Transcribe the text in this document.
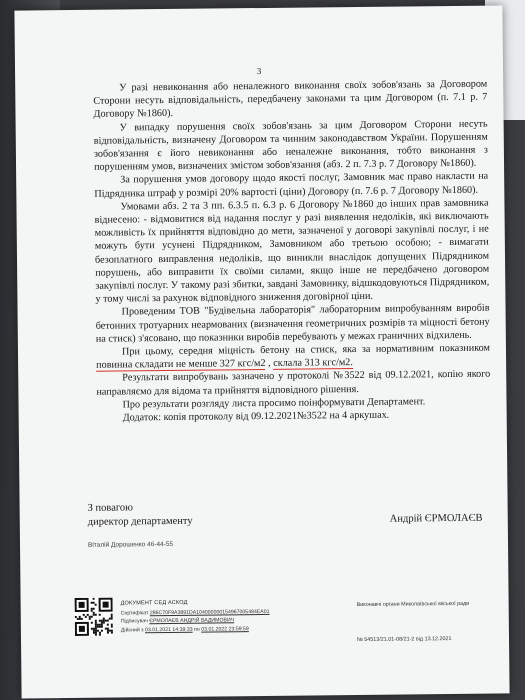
3

У разі невиконання або неналежного виконання своїх зобов'язань за Договором Сторони несуть відповідальність, передбачену законами та цим Договором (п. 7.1 р. 7 Договору №1860).

У випадку порушення своїх зобов'язань за цим Договором Сторони несуть відповідальність, визначену Договором та чинним законодавством України. Порушенням зобов'язання є його невиконання або неналежне виконання, тобто виконання з порушенням умов, визначених змістом зобов'язання (абз. 2 п. 7.3 р. 7 Договору №1860).

За порушення умов договору щодо якості послуг, Замовник має право накласти на Підрядника штраф у розмірі 20% вартості (ціни) Договору (п. 7.6 р. 7 Договору №1860).

Умовами абз. 2 та 3 пп. 6.3.5 п. 6.3 р. 6 Договору №1860 до інших прав замовника віднесено: - відмовитися від надання послуг у разі виявлення недоліків, які виключають можливість їх прийняття відповідно до мети, зазначеної у договорі закупівлі послуг, і не можуть бути усунені Підрядником, Замовником або третьою особою; - вимагати безоплатного виправлення недоліків, що виникли внаслідок допущених Підрядником порушень, або виправити їх своїми силами, якщо інше не передбачено договором закупівлі послуг. У такому разі збитки, завдані Замовнику, відшкодовуються Підрядником, у тому числі за рахунок відповідного зниження договірної ціни.

Проведеним ТОВ "Будівельна лабораторія" лабораторним випробуванням виробів бетонних тротуарних неармованих (визначення геометричних розмірів та міцності бетону на стиск) з'ясовано, що показники виробів перебувають у межах граничних відхилень.

При цьому, середня міцність бетону на стиск, яка за нормативним показником повинна складати не менше 327 кгс/м2 , склала 313 кгс/м2.

Результати випробувань зазначено у протоколі №3522 від 09.12.2021, копію якого направляємо для відома та прийняття відповідного рішення.

Про результати розгляду листа просимо поінформувати Департамент.

Додаток: копія протоколу від 09.12.2021№3522 на 4 аркушах.

З повагою
директор департаменту	Андрій ЄРМОЛАЄВ
Віталій Дорошенко 46-44-55
ДОКУМЕНТ СЕД АСКОД
Сертифікат 286C70F9A3891DA104000000154967005484EA01
Підписувач ЄРМОЛАЄВ АНДРІЙ ВАДИМОВИЧ
Дійсний з 03.01.2021 14:39:33 по 03.01.2022 23:59:59
Виконавчі органи Миколаївської міської ради
№ 54513/21.01-08/21-2 від 13.12.2021
